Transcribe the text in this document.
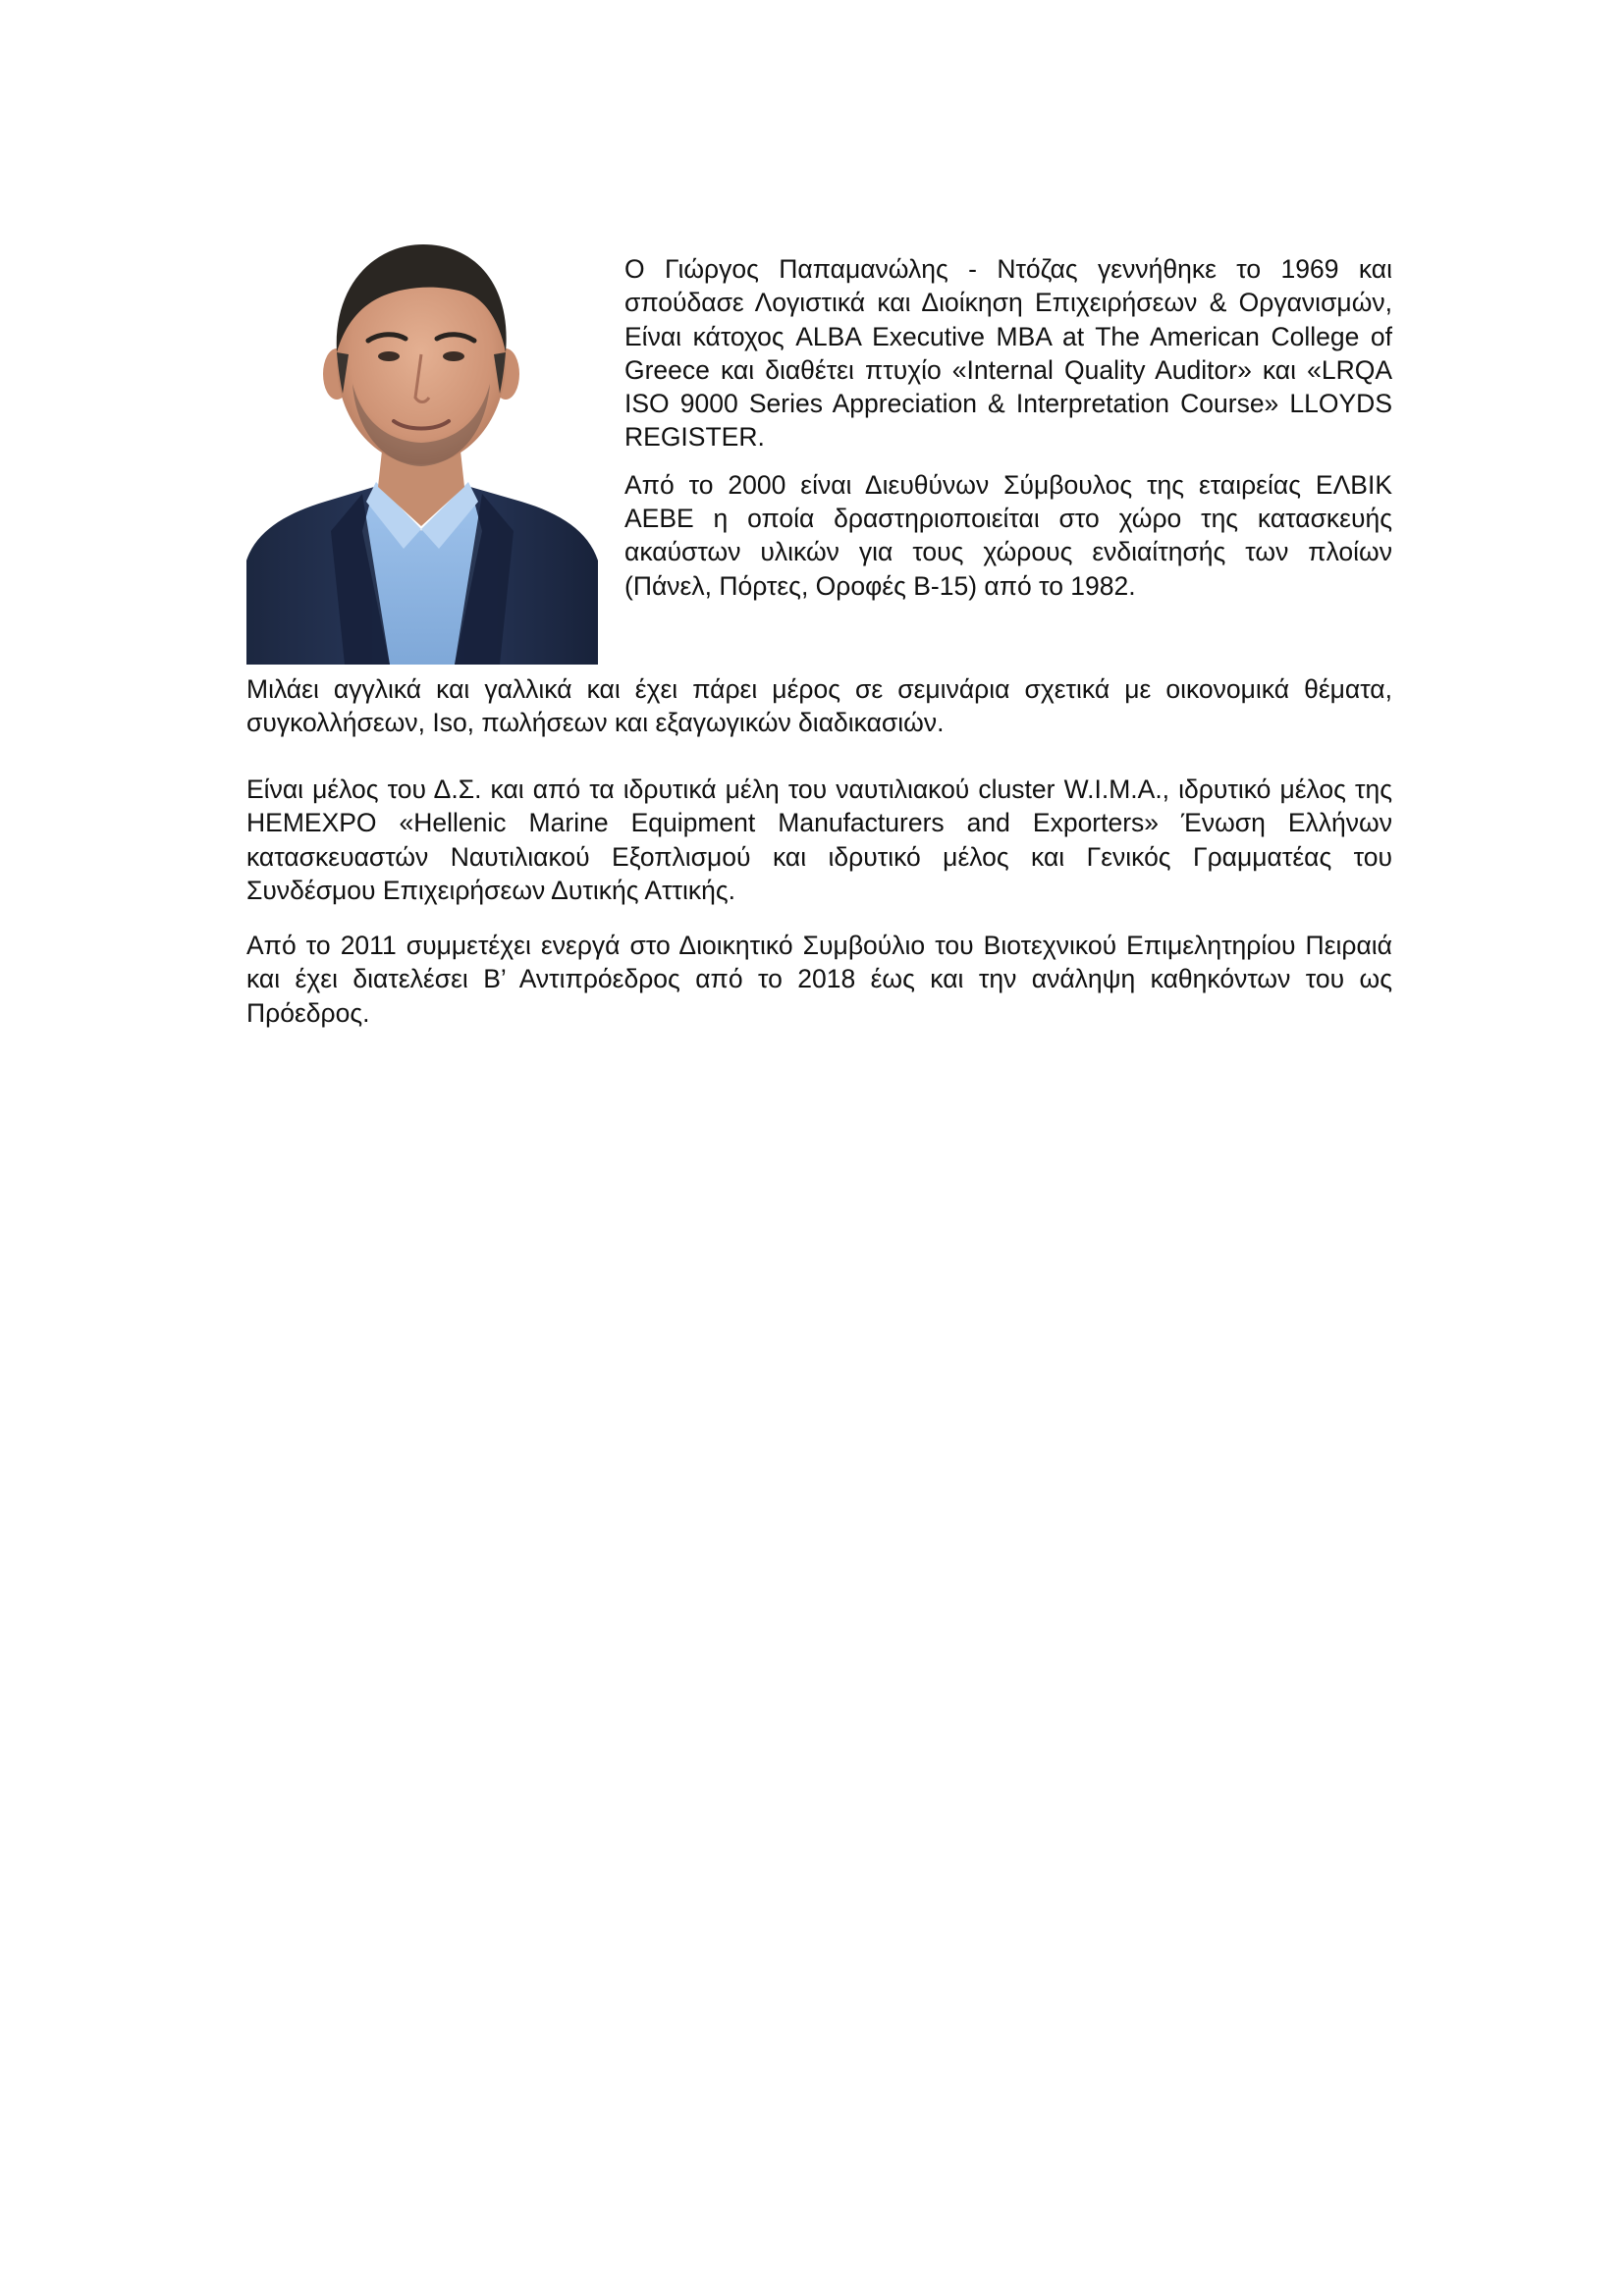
Ο Γιώργος Παπαμανώλης - Ντόζας γεννήθηκε το 1969 και σπούδασε Λογιστικά και Διοίκηση Επιχειρήσεων & Οργανισμών, Είναι κάτοχος ALBA Executive MBA at The American College of Greece και διαθέτει πτυχίο «Internal Quality Auditor» και «LRQA ISO 9000 Series Appreciation & Interpretation Course» LLOYDS REGISTER.

Από το 2000 είναι Διευθύνων Σύμβουλος της εταιρείας ΕΛΒΙΚ ΑΕΒΕ η οποία δραστηριοποιείται στο χώρο της κατασκευής ακαύστων υλικών για τους χώρους ενδιαίτησής των πλοίων (Πάνελ, Πόρτες, Οροφές Β-15) από το 1982.

Μιλάει αγγλικά και γαλλικά και έχει πάρει μέρος σε σεμινάρια σχετικά με οικονομικά θέματα, συγκολλήσεων, Iso, πωλήσεων και εξαγωγικών διαδικασιών.

Είναι μέλος του Δ.Σ. και από τα ιδρυτικά μέλη του ναυτιλιακού cluster W.I.M.A., ιδρυτικό μέλος της HEMEXPO «Hellenic Marine Equipment Manufacturers and Exporters» Ένωση Ελλήνων κατασκευαστών Ναυτιλιακού Εξοπλισμού και ιδρυτικό μέλος και Γενικός Γραμματέας του Συνδέσμου Επιχειρήσεων Δυτικής Αττικής.

Από το 2011 συμμετέχει ενεργά στο Διοικητικό Συμβούλιο του Βιοτεχνικού Επιμελητηρίου Πειραιά και έχει διατελέσει Β’ Αντιπρόεδρος από το 2018 έως και την ανάληψη καθηκόντων του ως Πρόεδρος.
